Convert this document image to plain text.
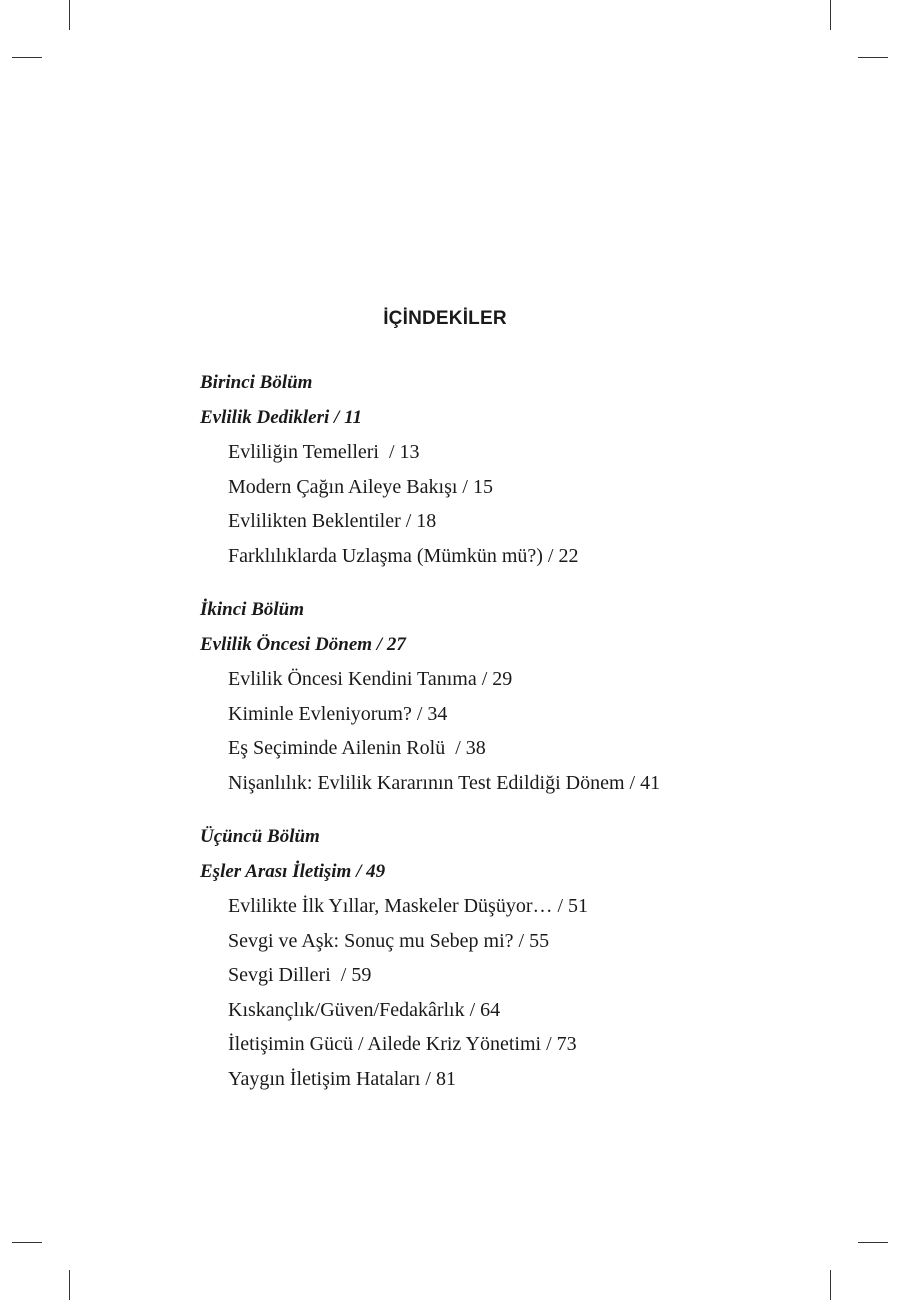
İÇİNDEKİLER
Birinci Bölüm
Evlilik Dedikleri / 11
Evliliğin Temelleri  / 13
Modern Çağın Aileye Bakışı / 15
Evlilikten Beklentiler / 18
Farklılıklarda Uzlaşma (Mümkün mü?) / 22
İkinci Bölüm
Evlilik Öncesi Dönem / 27
Evlilik Öncesi Kendini Tanıma / 29
Kiminle Evleniyorum? / 34
Eş Seçiminde Ailenin Rolü  / 38
Nişanlılık: Evlilik Kararının Test Edildiği Dönem / 41
Üçüncü Bölüm
Eşler Arası İletişim / 49
Evlilikte İlk Yıllar, Maskeler Düşüyor… / 51
Sevgi ve Aşk: Sonuç mu Sebep mi? / 55
Sevgi Dilleri  / 59
Kıskançlık/Güven/Fedakârlık / 64
İletişimin Gücü / Ailede Kriz Yönetimi / 73
Yaygın İletişim Hataları / 81
